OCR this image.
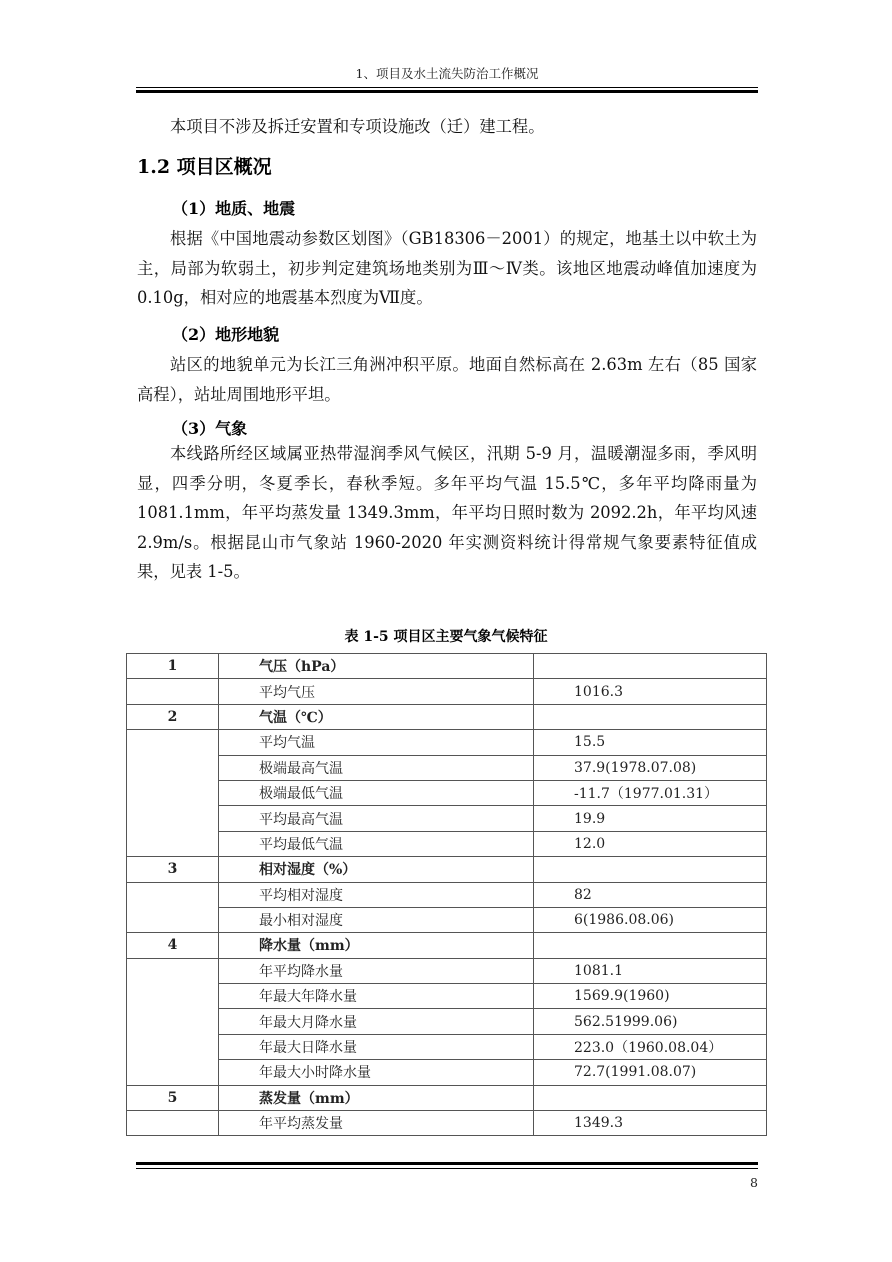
1、项目及水土流失防治工作概况

本项目不涉及拆迁安置和专项设施改（迁）建工程。

1.2 项目区概况
（1）地质、地震

根据《中国地震动参数区划图》（GB18306－2001）的规定，地基土以中软土为主，局部为软弱土，初步判定建筑场地类别为Ⅲ～Ⅳ类。该地区地震动峰值加速度为 0.10g，相对应的地震基本烈度为Ⅶ度。

（2）地形地貌

站区的地貌单元为长江三角洲冲积平原。地面自然标高在 2.63m 左右（85 国家高程），站址周围地形平坦。

（3）气象

本线路所经区域属亚热带湿润季风气候区，汛期 5-9 月，温暖潮湿多雨，季风明显，四季分明，冬夏季长，春秋季短。多年平均气温 15.5℃，多年平均降雨量为 1081.1mm，年平均蒸发量 1349.3mm，年平均日照时数为 2092.2h，年平均风速 2.9m/s。根据昆山市气象站 1960-2020 年实测资料统计得常规气象要素特征值成果，见表 1-5。

表 1-5 项目区主要气象气候特征
1	气压（hPa）	
	平均气压	1016.3
2	气温（℃）	
	平均气温	15.5
	极端最高气温	37.9(1978.07.08)
	极端最低气温	-11.7（1977.01.31）
	平均最高气温	19.9
	平均最低气温	12.0
3	相对湿度（%）	
	平均相对湿度	82
	最小相对湿度	6(1986.08.06)
4	降水量（mm）	
	年平均降水量	1081.1
	年最大年降水量	1569.9(1960)
	年最大月降水量	562.51999.06)
	年最大日降水量	223.0（1960.08.04）
	年最大小时降水量	72.7(1991.08.07)
5	蒸发量（mm）	
	年平均蒸发量	1349.3
8
